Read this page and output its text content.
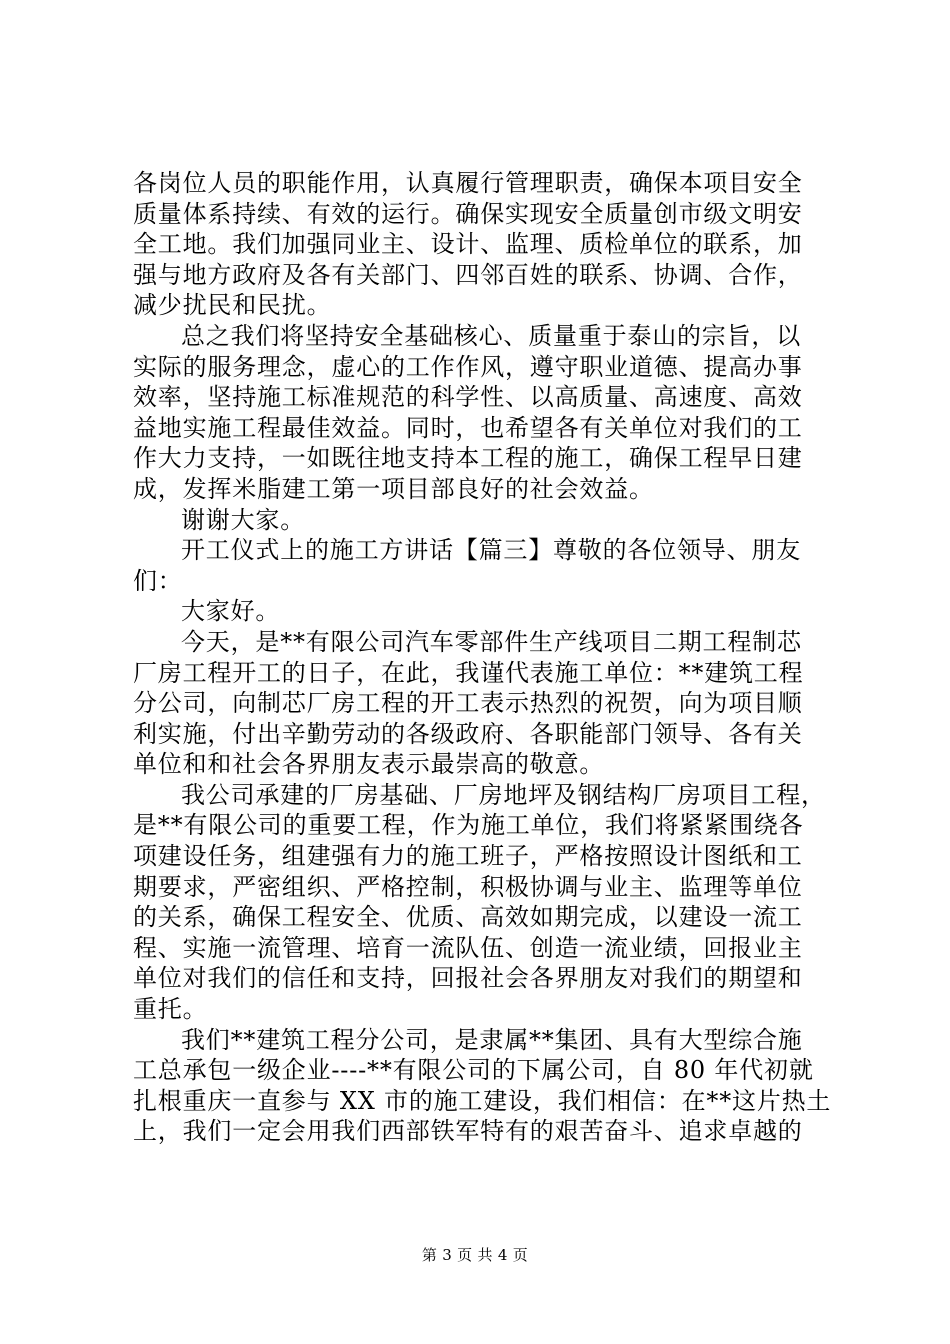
各岗位人员的职能作用，认真履行管理职责，确保本项目安全
质量体系持续、有效的运行。确保实现安全质量创市级文明安
全工地。我们加强同业主、设计、监理、质检单位的联系，加
强与地方政府及各有关部门、四邻百姓的联系、协调、合作，
减少扰民和民扰。
总之我们将坚持安全基础核心、质量重于泰山的宗旨，以
实际的服务理念，虚心的工作作风，遵守职业道德、提高办事
效率，坚持施工标准规范的科学性、以高质量、高速度、高效
益地实施工程最佳效益。同时，也希望各有关单位对我们的工
作大力支持，一如既往地支持本工程的施工，确保工程早日建
成，发挥米脂建工第一项目部良好的社会效益。
谢谢大家。
开工仪式上的施工方讲话【篇三】尊敬的各位领导、朋友
们：
大家好。
今天，是**有限公司汽车零部件生产线项目二期工程制芯
厂房工程开工的日子，在此，我谨代表施工单位：**建筑工程
分公司，向制芯厂房工程的开工表示热烈的祝贺，向为项目顺
利实施，付出辛勤劳动的各级政府、各职能部门领导、各有关
单位和和社会各界朋友表示最崇高的敬意。
我公司承建的厂房基础、厂房地坪及钢结构厂房项目工程，
是**有限公司的重要工程，作为施工单位，我们将紧紧围绕各
项建设任务，组建强有力的施工班子，严格按照设计图纸和工
期要求，严密组织、严格控制，积极协调与业主、监理等单位
的关系，确保工程安全、优质、高效如期完成，以建设一流工
程、实施一流管理、培育一流队伍、创造一流业绩，回报业主
单位对我们的信任和支持，回报社会各界朋友对我们的期望和
重托。
我们**建筑工程分公司，是隶属**集团、具有大型综合施
工总承包一级企业----**有限公司的下属公司，自 80 年代初就
扎根重庆一直参与 XX 市的施工建设，我们相信：在**这片热土
上，我们一定会用我们西部铁军特有的艰苦奋斗、追求卓越的
第 3 页 共 4 页
